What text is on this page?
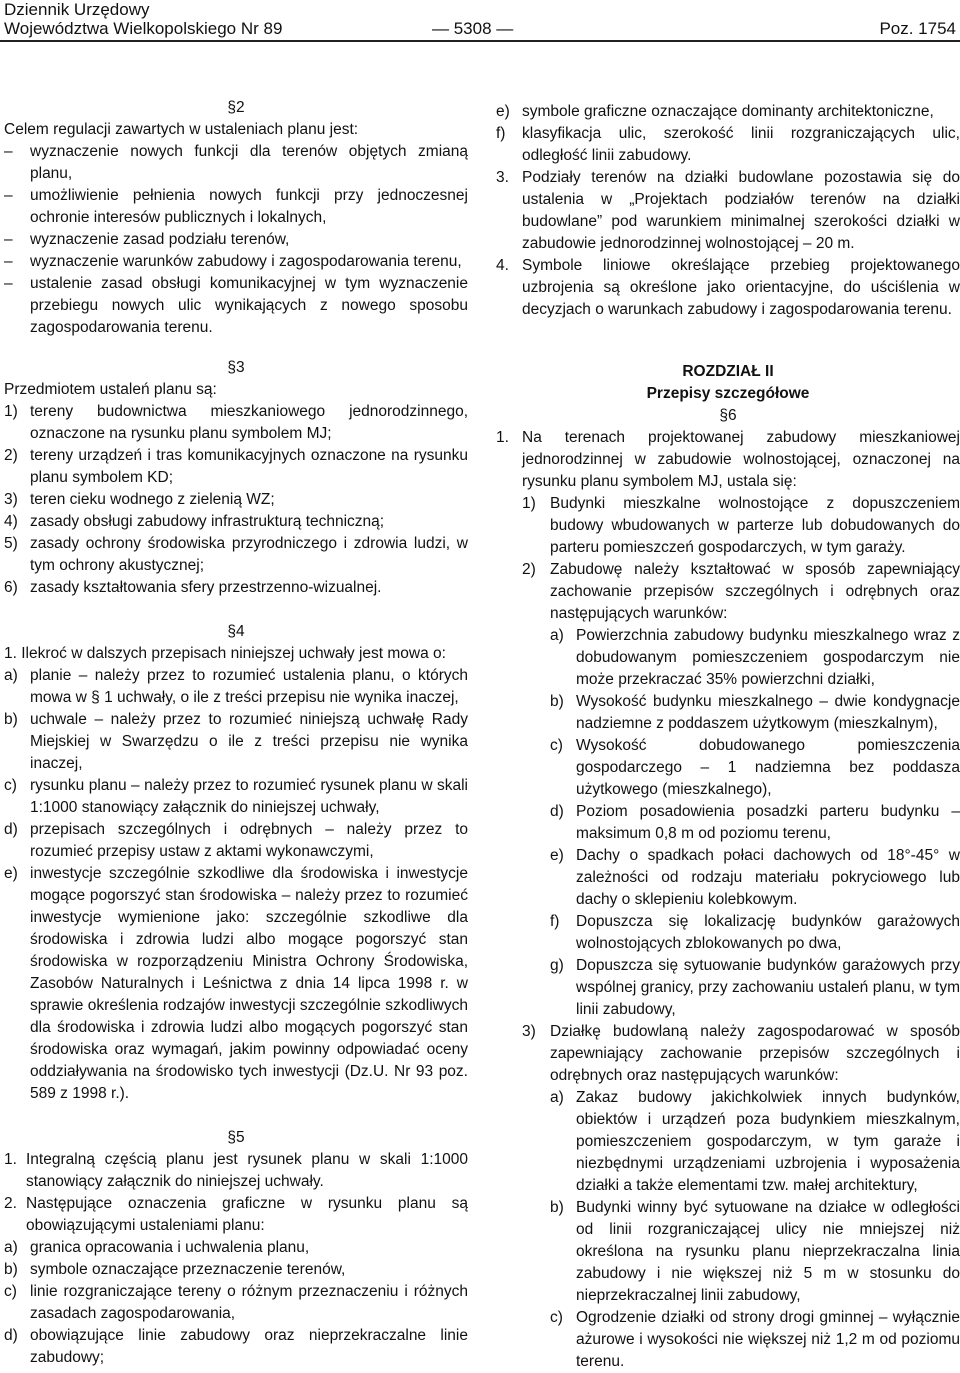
Dziennik Urzędowy
Województwa Wielkopolskiego Nr 89	— 5308 —	Poz. 1754

§2

Celem regulacji zawartych w ustaleniach planu jest:

– wyznaczenie nowych funkcji dla terenów objętych zmianą planu,
– umożliwienie pełnienia nowych funkcji przy jednoczesnej ochronie interesów publicznych i lokalnych,
– wyznaczenie zasad podziału terenów,
– wyznaczenie warunków zabudowy i zagospodarowania terenu,
– ustalenie zasad obsługi komunikacyjnej w tym wyznaczenie przebiegu nowych ulic wynikających z nowego sposobu zagospodarowania terenu.

§3

Przedmiotem ustaleń planu są:

1) tereny budownictwa mieszkaniowego jednorodzinnego, oznaczone na rysunku planu symbolem MJ;
2) tereny urządzeń i tras komunikacyjnych oznaczone na rysunku planu symbolem KD;
3) teren cieku wodnego z zielenią WZ;
4) zasady obsługi zabudowy infrastrukturą techniczną;
5) zasady ochrony środowiska przyrodniczego i zdrowia ludzi, w tym ochrony akustycznej;
6) zasady kształtowania sfery przestrzenno-wizualnej.

§4

1. Ilekroć w dalszych przepisach niniejszej uchwały jest mowa o:

a) planie – należy przez to rozumieć ustalenia planu, o których mowa w § 1 uchwały, o ile z treści przepisu nie wynika inaczej,
b) uchwale – należy przez to rozumieć niniejszą uchwałę Rady Miejskiej w Swarzędzu o ile z treści przepisu nie wynika inaczej,
c) rysunku planu – należy przez to rozumieć rysunek planu w skali 1:1000 stanowiący załącznik do niniejszej uchwały,
d) przepisach szczególnych i odrębnych – należy przez to rozumieć przepisy ustaw z aktami wykonawczymi,
e) inwestycje szczególnie szkodliwe dla środowiska i inwestycje mogące pogorszyć stan środowiska – należy przez to rozumieć inwestycje wymienione jako: szczególnie szkodliwe dla środowiska i zdrowia ludzi albo mogące pogorszyć stan środowiska w rozporządzeniu Ministra Ochrony Środowiska, Zasobów Naturalnych i Leśnictwa z dnia 14 lipca 1998 r. w sprawie określenia rodzajów inwestycji szczególnie szkodliwych dla środowiska i zdrowia ludzi albo mogących pogorszyć stan środowiska oraz wymagań, jakim powinny odpowiadać oceny oddziaływania na środowisko tych inwestycji (Dz.U. Nr 93 poz. 589 z 1998 r.).

§5

1. Integralną częścią planu jest rysunek planu w skali 1:1000 stanowiący załącznik do niniejszej uchwały.
2. Następujące oznaczenia graficzne w rysunku planu są obowiązującymi ustaleniami planu:
a) granica opracowania i uchwalenia planu,
b) symbole oznaczające przeznaczenie terenów,
c) linie rozgraniczające tereny o różnym przeznaczeniu i różnych zasadach zagospodarowania,
d) obowiązujące linie zabudowy oraz nieprzekraczalne linie zabudowy;
e) symbole graficzne oznaczające dominanty architektoniczne,
f) klasyfikacja ulic, szerokość linii rozgraniczających ulic, odległość linii zabudowy.
3. Podziały terenów na działki budowlane pozostawia się do ustalenia w „Projektach podziałów terenów na działki budowlane” pod warunkiem minimalnej szerokości działki w zabudowie jednorodzinnej wolnostojącej – 20 m.
4. Symbole liniowe określające przebieg projektowanego uzbrojenia są określone jako orientacyjne, do uściślenia w decyzjach o warunkach zabudowy i zagospodarowania terenu.

ROZDZIAŁ II

Przepisy szczegółowe

§6

1. Na terenach projektowanej zabudowy mieszkaniowej jednorodzinnej w zabudowie wolnostojącej, oznaczonej na rysunku planu symbolem MJ, ustala się:
1) Budynki mieszkalne wolnostojące z dopuszczeniem budowy wbudowanych w parterze lub dobudowanych do parteru pomieszczeń gospodarczych, w tym garaży.
2) Zabudowę należy kształtować w sposób zapewniający zachowanie przepisów szczególnych i odrębnych oraz następujących warunków:
a) Powierzchnia zabudowy budynku mieszkalnego wraz z dobudowanym pomieszczeniem gospodarczym nie może przekraczać 35% powierzchni działki,
b) Wysokość budynku mieszkalnego – dwie kondygnacje nadziemne z poddaszem użytkowym (mieszkalnym),
c) Wysokość dobudowanego pomieszczenia gospodarczego – 1 nadziemna bez poddasza użytkowego (mieszkalnego),
d) Poziom posadowienia posadzki parteru budynku – maksimum 0,8 m od poziomu terenu,
e) Dachy o spadkach połaci dachowych od 18°-45° w zależności od rodzaju materiału pokryciowego lub dachy o sklepieniu kolebkowym.
f) Dopuszcza się lokalizację budynków garażowych wolnostojących zblokowanych po dwa,
g) Dopuszcza się sytuowanie budynków garażowych przy wspólnej granicy, przy zachowaniu ustaleń planu, w tym linii zabudowy,
3) Działkę budowlaną należy zagospodarować w sposób zapewniający zachowanie przepisów szczególnych i odrębnych oraz następujących warunków:
a) Zakaz budowy jakichkolwiek innych budynków, obiektów i urządzeń poza budynkiem mieszkalnym, pomieszczeniem gospodarczym, w tym garaże i niezbędnymi urządzeniami uzbrojenia i wyposażenia działki a także elementami tzw. małej architektury,
b) Budynki winny być sytuowane na działce w odległości od linii rozgraniczającej ulicy nie mniejszej niż określona na rysunku planu nieprzekraczalna linia zabudowy i nie większej niż 5 m w stosunku do nieprzekraczalnej linii zabudowy,
c) Ogrodzenie działki od strony drogi gminnej – wyłącznie ażurowe i wysokości nie większej niż 1,2 m od poziomu terenu.
